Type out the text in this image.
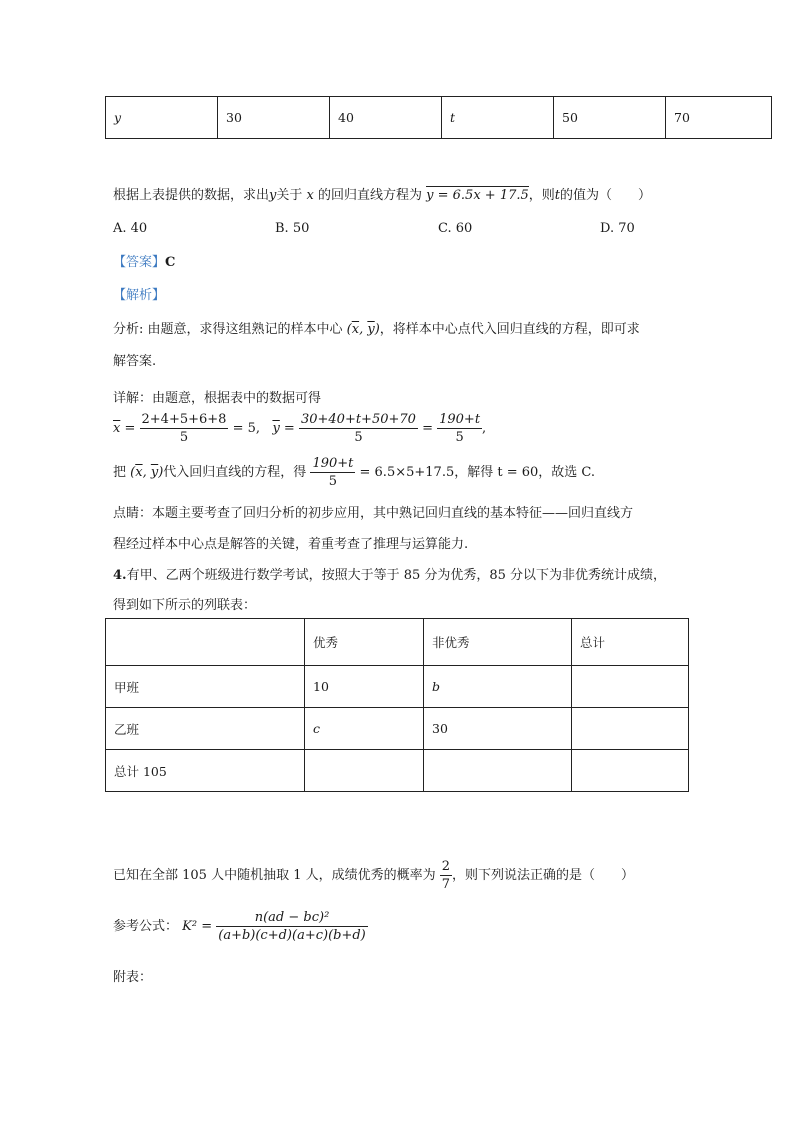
y	30	40	t	50	70
根据上表提供的数据，求出y关于 x 的回归直线方程为 y = 6.5x + 17.5，则t的值为（　　）
A. 40	B. 50	C. 60	D. 70
【答案】C
【解析】
分析: 由题意，求得这组熟记的样本中心 ($\overline{x}$, $\overline{y}$)，将样本中心点代入回归直线的方程，即可求
解答案.
详解：由题意，根据表中的数据可得
$\overline{x} = \frac{2+4+5+6+8}{5} = 5$, $\overline{y} = \frac{30+40+t+50+70}{5} = \frac{190+t}{5}$ ,
把 ($\overline{x}$, $\overline{y}$)代入回归直线的方程，得 $\frac{190+t}{5} = 6.5\times 5+17.5$，解得 t = 60，故选 C.
点睛：本题主要考查了回归分析的初步应用，其中熟记回归直线的基本特征——回归直线方
程经过样本中心点是解答的关键，着重考查了推理与运算能力.
4.有甲、乙两个班级进行数学考试，按照大于等于 85 分为优秀，85 分以下为非优秀统计成绩，
得到如下所示的列联表：
	优秀	非优秀	总计
甲班	10	b	
乙班	c	30	
总计 105			
已知在全部 105 人中随机抽取 1 人，成绩优秀的概率为 $\frac{2}{7}$ ，则下列说法正确的是（　　）
参考公式： $K^2 = \frac{\text{n(ad − bc)²}}{(a+b)(c+d)(a+c)(b+d)}$
附表：
